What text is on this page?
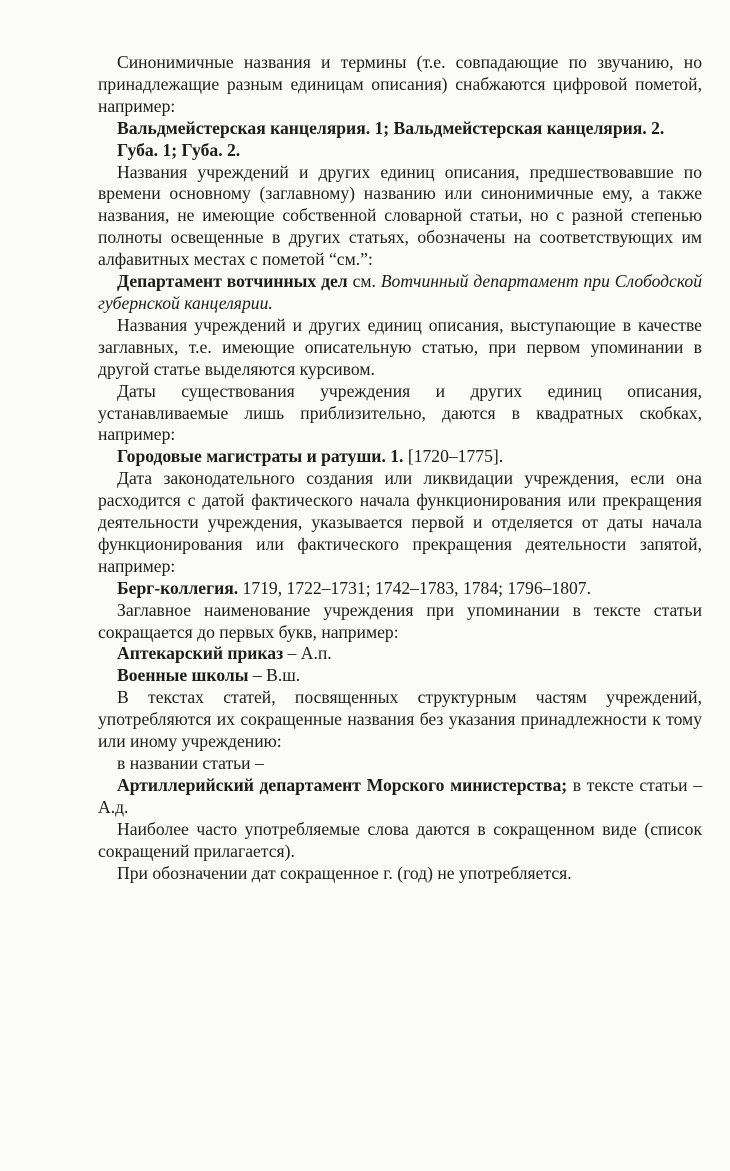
Синонимичные названия и термины (т.е. совпадающие по звучанию, но принадлежащие разным единицам описания) снабжаются цифровой пометой, например:

Вальдмейстерская канцелярия. 1; Вальдмейстерская канцелярия. 2.

Губа. 1; Губа. 2.

Названия учреждений и других единиц описания, предшествовавшие по времени основному (заглавному) названию или синонимичные ему, а также названия, не имеющие собственной словарной статьи, но с разной степенью полноты освещенные в других статьях, обозначены на соответствующих им алфавитных местах с пометой “см.”:

Департамент вотчинных дел см. Вотчинный департамент при Слободской губернской канцелярии.

Названия учреждений и других единиц описания, выступающие в качестве заглавных, т.е. имеющие описательную статью, при первом упоминании в другой статье выделяются курсивом.

Даты существования учреждения и других единиц описания, устанавливаемые лишь приблизительно, даются в квадратных скобках, например:

Городовые магистраты и ратуши. 1. [1720–1775].

Дата законодательного создания или ликвидации учреждения, если она расходится с датой фактического начала функционирования или прекращения деятельности учреждения, указывается первой и отделяется от даты начала функционирования или фактического прекращения деятельности запятой, например:

Берг-коллегия. 1719, 1722–1731; 1742–1783, 1784; 1796–1807.

Заглавное наименование учреждения при упоминании в тексте статьи сокращается до первых букв, например:

Аптекарский приказ – А.п.

Военные школы – В.ш.

В текстах статей, посвященных структурным частям учреждений, употребляются их сокращенные названия без указания принадлежности к тому или иному учреждению:

в названии статьи –

Артиллерийский департамент Морского министерства; в тексте статьи – А.д.

Наиболее часто употребляемые слова даются в сокращенном виде (список сокращений прилагается).

При обозначении дат сокращенное г. (год) не употребляется.
